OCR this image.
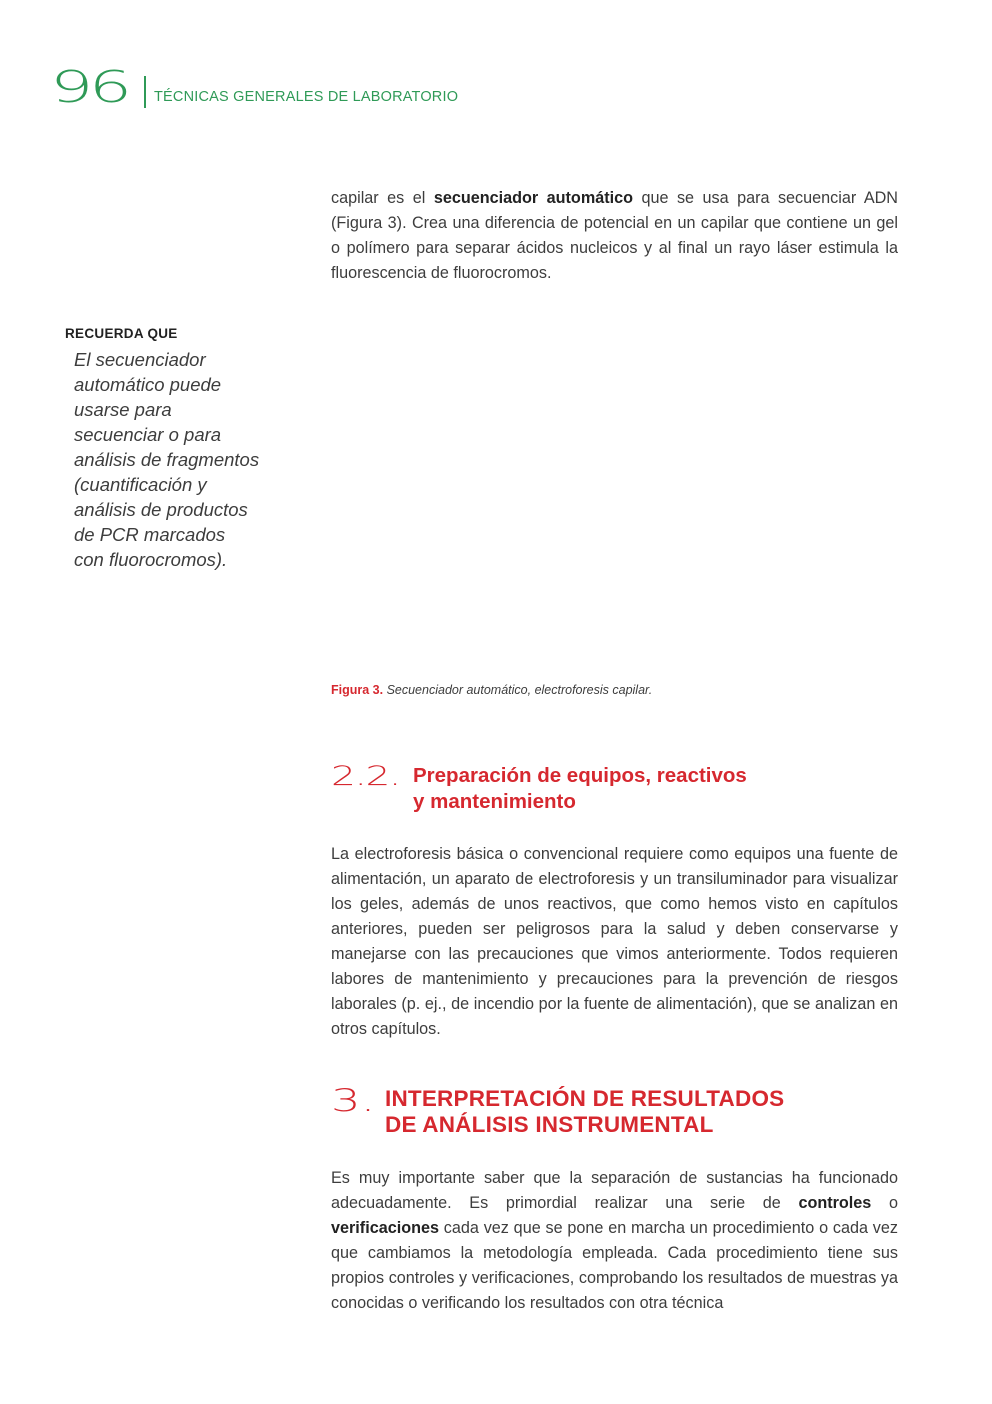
96	TÉCNICAS GENERALES DE LABORATORIO

capilar es el secuenciador automático que se usa para secuenciar ADN (Figura 3). Crea una diferencia de potencial en un capilar que contiene un gel o polímero para separar ácidos nucleicos y al final un rayo láser estimula la fluorescencia de fluorocromos.

RECUERDA QUE

El secuenciador
automático puede
usarse para
secuenciar o para
análisis de fragmentos
(cuantificación y
análisis de productos
de PCR marcados
con fluorocromos).

Figura 3. Secuenciador automático, electroforesis capilar.
2.2. Preparación de equipos, reactivos
y mantenimiento

La electroforesis básica o convencional requiere como equipos una fuente de alimentación, un aparato de electroforesis y un transiluminador para visualizar los geles, además de unos reactivos, que como hemos visto en capítulos anteriores, pueden ser peligrosos para la salud y deben conservarse y manejarse con las precauciones que vimos anteriormente. Todos requieren labores de mantenimiento y precauciones para la prevención de riesgos laborales (p. ej., de incendio por la fuente de alimentación), que se analizan en otros capítulos.

3. INTERPRETACIÓN DE RESULTADOS
DE ANÁLISIS INSTRUMENTAL

Es muy importante saber que la separación de sustancias ha funcionado adecuadamente. Es primordial realizar una serie de controles o verificaciones cada vez que se pone en marcha un procedimiento o cada vez que cambiamos la metodología empleada. Cada procedimiento tiene sus propios controles y verificaciones, comprobando los resultados de muestras ya conocidas o verificando los resultados con otra técnica
